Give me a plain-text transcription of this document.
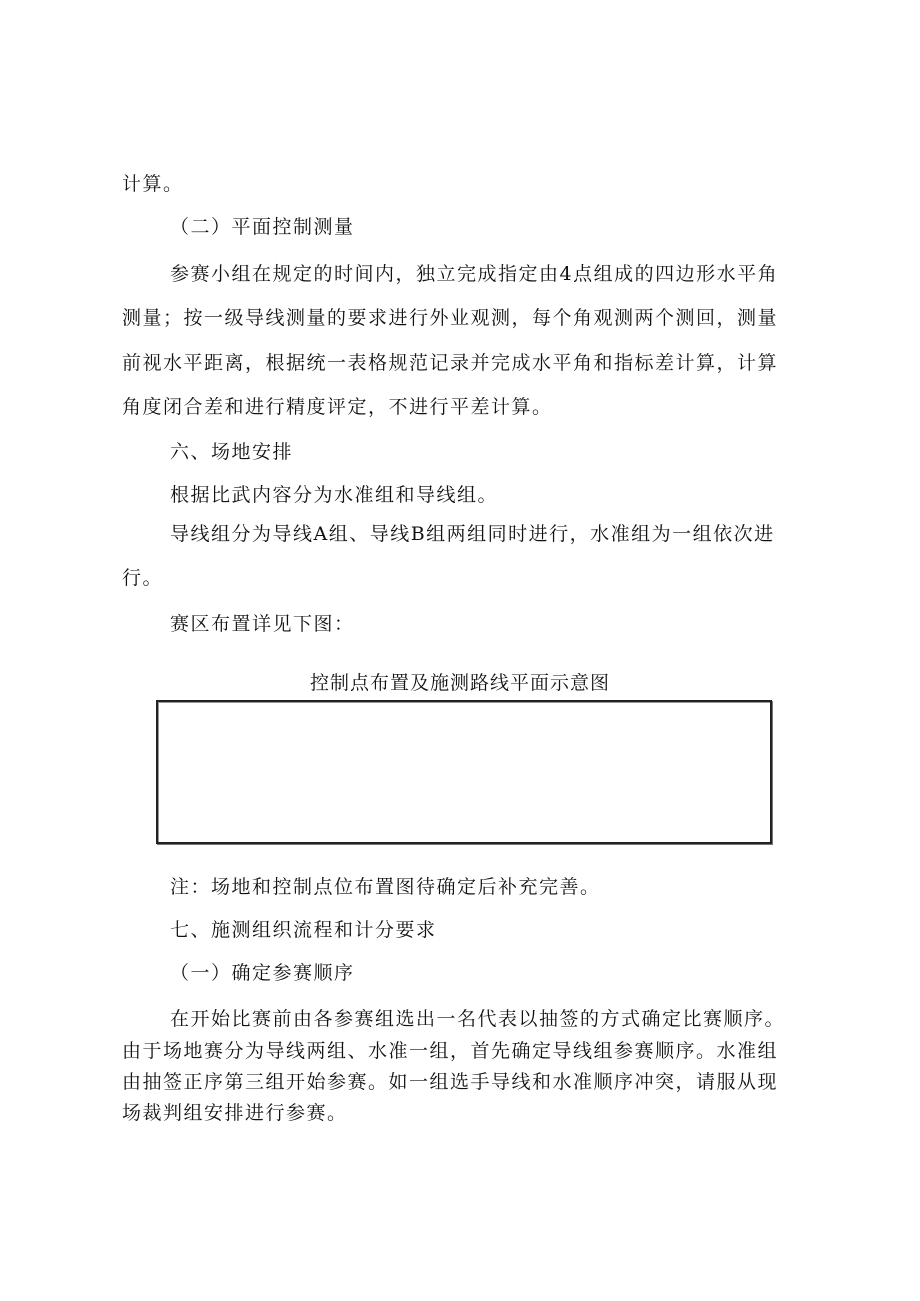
计算。
（二）平面控制测量
参赛小组在规定的时间内，独立完成指定由4点组成的四边形水平角
测量；按一级导线测量的要求进行外业观测，每个角观测两个测回，测量
前视水平距离，根据统一表格规范记录并完成水平角和指标差计算，计算
角度闭合差和进行精度评定，不进行平差计算。
六、场地安排
根据比武内容分为水准组和导线组。
导线组分为导线A组、导线B组两组同时进行，水准组为一组依次进
行。
赛区布置详见下图：
控制点布置及施测路线平面示意图
注：场地和控制点位布置图待确定后补充完善。
七、施测组织流程和计分要求
（一）确定参赛顺序
在开始比赛前由各参赛组选出一名代表以抽签的方式确定比赛顺序。
由于场地赛分为导线两组、水准一组，首先确定导线组参赛顺序。水准组
由抽签正序第三组开始参赛。如一组选手导线和水准顺序冲突，请服从现
场裁判组安排进行参赛。
